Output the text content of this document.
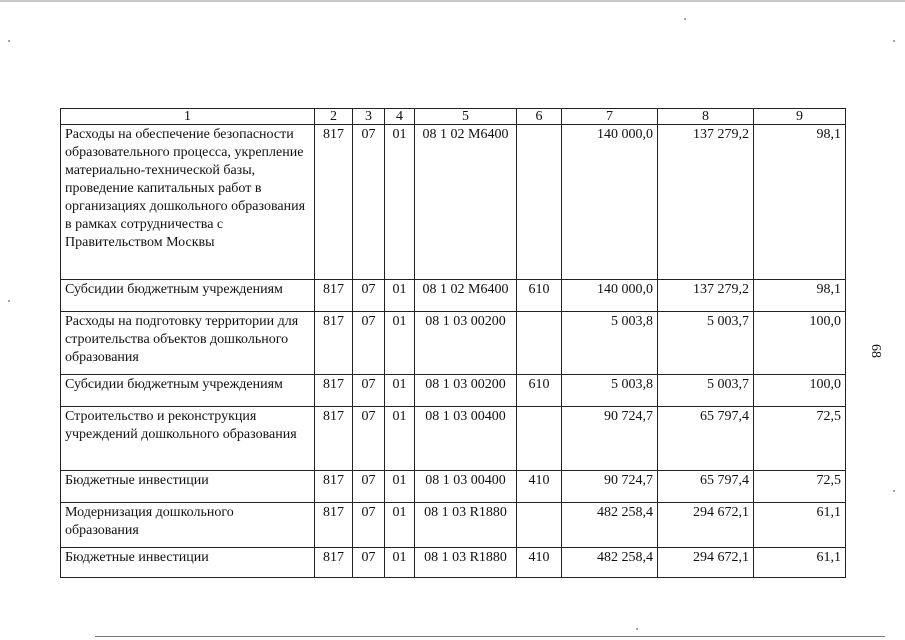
1	2	3	4	5	6	7	8	9
Расходы на обеспечение безопасности образовательного процесса, укрепление материально-технической базы, проведение капитальных работ в организациях дошкольного образования в рамках сотрудничества с Правительством Москвы	817	07	01	08 1 02 M6400		140 000,0	137 279,2	98,1
Субсидии бюджетным учреждениям	817	07	01	08 1 02 M6400	610	140 000,0	137 279,2	98,1
Расходы на подготовку территории для строительства объектов дошкольного образования	817	07	01	08 1 03 00200		5 003,8	5 003,7	100,0
Субсидии бюджетным учреждениям	817	07	01	08 1 03 00200	610	5 003,8	5 003,7	100,0
Строительство и реконструкция учреждений дошкольного образования	817	07	01	08 1 03 00400		90 724,7	65 797,4	72,5
Бюджетные инвестиции	817	07	01	08 1 03 00400	410	90 724,7	65 797,4	72,5
Модернизация дошкольного образования	817	07	01	08 1 03 R1880		482 258,4	294 672,1	61,1
Бюджетные инвестиции	817	07	01	08 1 03 R1880	410	482 258,4	294 672,1	61,1
68
